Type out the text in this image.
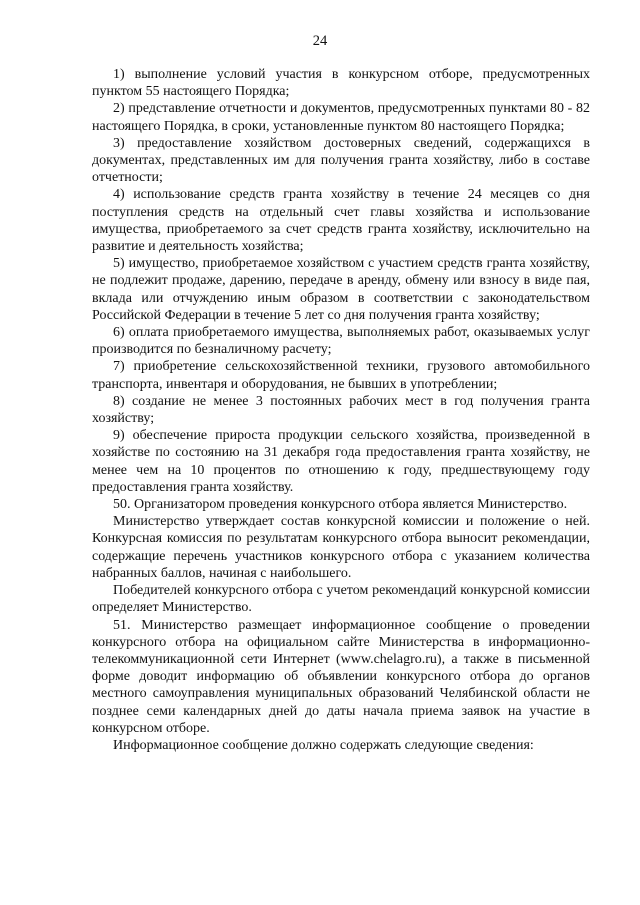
24

1) выполнение условий участия в конкурсном отборе, предусмотренных пунктом 55 настоящего Порядка;

2) представление отчетности и документов, предусмотренных пунктами 80 - 82 настоящего Порядка, в сроки, установленные пунктом 80 настоящего Порядка;

3) предоставление хозяйством достоверных сведений, содержащихся в документах, представленных им для получения гранта хозяйству, либо в составе отчетности;

4) использование средств гранта хозяйству в течение 24 месяцев со дня поступления средств на отдельный счет главы хозяйства и использование имущества, приобретаемого за счет средств гранта хозяйству, исключительно на развитие и деятельность хозяйства;

5) имущество, приобретаемое хозяйством с участием средств гранта хозяйству, не подлежит продаже, дарению, передаче в аренду, обмену или взносу в виде пая, вклада или отчуждению иным образом в соответствии с законодательством Российской Федерации в течение 5 лет со дня получения гранта хозяйству;

6) оплата приобретаемого имущества, выполняемых работ, оказываемых услуг производится по безналичному расчету;

7) приобретение сельскохозяйственной техники, грузового автомобильного транспорта, инвентаря и оборудования, не бывших в употреблении;

8) создание не менее 3 постоянных рабочих мест в год получения гранта хозяйству;

9) обеспечение прироста продукции сельского хозяйства, произведенной в хозяйстве по состоянию на 31 декабря года предоставления гранта хозяйству, не менее чем на 10 процентов по отношению к году, предшествующему году предоставления гранта хозяйству.

50. Организатором проведения конкурсного отбора является Министерство.

Министерство утверждает состав конкурсной комиссии и положение о ней. Конкурсная комиссия по результатам конкурсного отбора выносит рекомендации, содержащие перечень участников конкурсного отбора с указанием количества набранных баллов, начиная с наибольшего.

Победителей конкурсного отбора с учетом рекомендаций конкурсной комиссии определяет Министерство.

51. Министерство размещает информационное сообщение о проведении конкурсного отбора на официальном сайте Министерства в информационно-телекоммуникационной сети Интернет (www.chelagro.ru), а также в письменной форме доводит информацию об объявлении конкурсного отбора до органов местного самоуправления муниципальных образований Челябинской области не позднее семи календарных дней до даты начала приема заявок на участие в конкурсном отборе.

Информационное сообщение должно содержать следующие сведения:
